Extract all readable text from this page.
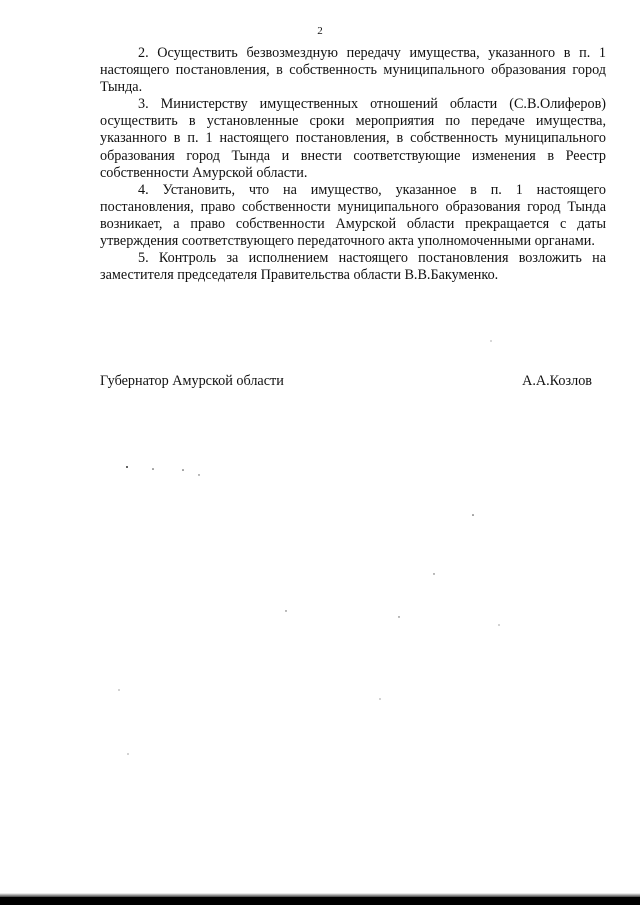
2

2. Осуществить безвозмездную передачу имущества, указанного в п. 1 настоящего постановления, в собственность муниципального образования город Тында.

3. Министерству имущественных отношений области (С.В.Олиферов) осуществить в установленные сроки мероприятия по передаче имущества, указанного в п. 1 настоящего постановления, в собственность муниципального образования город Тында и внести соответствующие изменения в Реестр собственности Амурской области.

4. Установить, что на имущество, указанное в п. 1 настоящего постановления, право собственности муниципального образования город Тында возникает, а право собственности Амурской области прекращается с даты утверждения соответствующего передаточного акта уполномоченными органами.

5. Контроль за исполнением настоящего постановления возложить на заместителя председателя Правительства области В.В.Бакуменко.

Губернатор Амурской области	А.А.Козлов
